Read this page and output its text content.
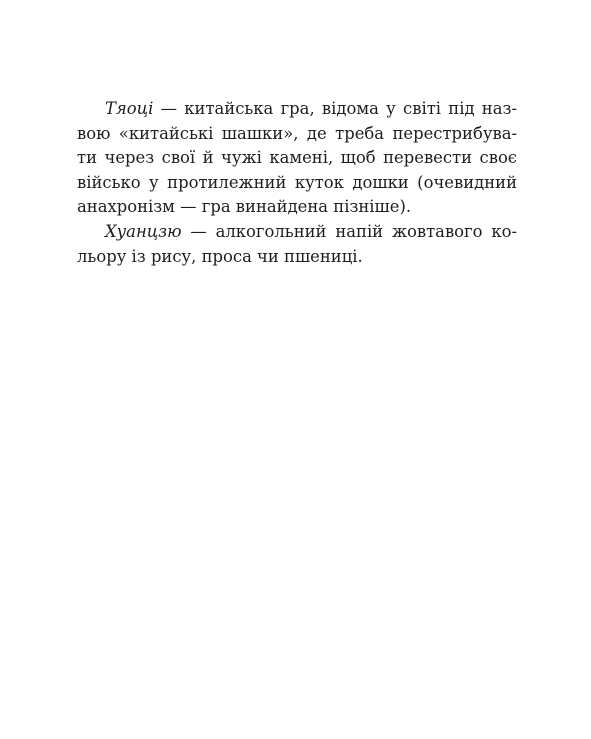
Тяоці — китайська гра, відома у світі під наз-
вою «китайські шашки», де треба перестрибува-
ти через свої й чужі камені, щоб перевести своє
військо у протилежний куток дошки (очевидний
анахронізм — гра винайдена пізніше).
Хуанцзю — алкогольний напій жовтавого ко-
льору із рису, проса чи пшениці.
